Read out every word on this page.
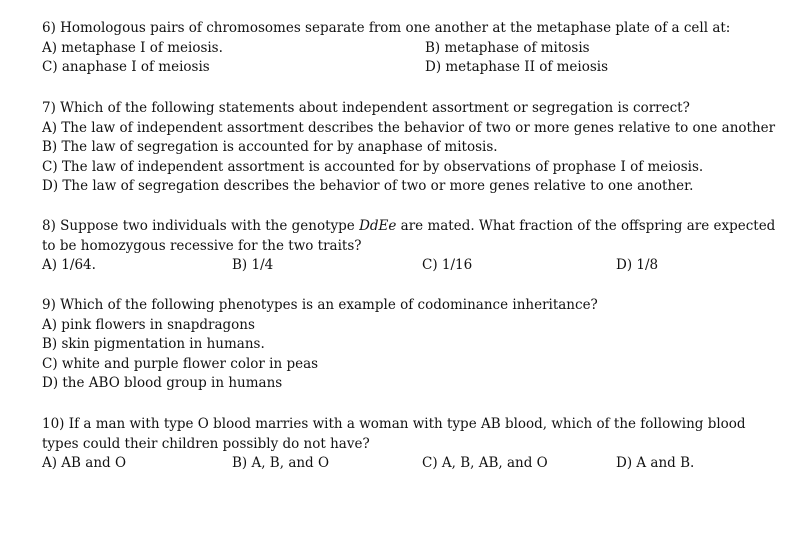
6) Homologous pairs of chromosomes separate from one another at the metaphase plate of a cell at:

A) metaphase I of meiosis.	B) metaphase of mitosis
C) anaphase I of meiosis	D) metaphase II of meiosis

7) Which of the following statements about independent assortment or segregation is correct?

A) The law of independent assortment describes the behavior of two or more genes relative to one another

B) The law of segregation is accounted for by anaphase of mitosis.

C) The law of independent assortment is accounted for by observations of prophase I of meiosis.

D) The law of segregation describes the behavior of two or more genes relative to one another.

8) Suppose two individuals with the genotype DdEe are mated. What fraction of the offspring are expected to be homozygous recessive for the two traits?

A) 1/64.	B) 1/4	C) 1/16	D) 1/8

9) Which of the following phenotypes is an example of codominance inheritance?

A) pink flowers in snapdragons

B) skin pigmentation in humans.

C) white and purple flower color in peas

D) the ABO blood group in humans

10) If a man with type O blood marries with a woman with type AB blood, which of the following blood types could their children possibly do not have?

A) AB and O	B) A, B, and O	C) A, B, AB, and O	D) A and B.
